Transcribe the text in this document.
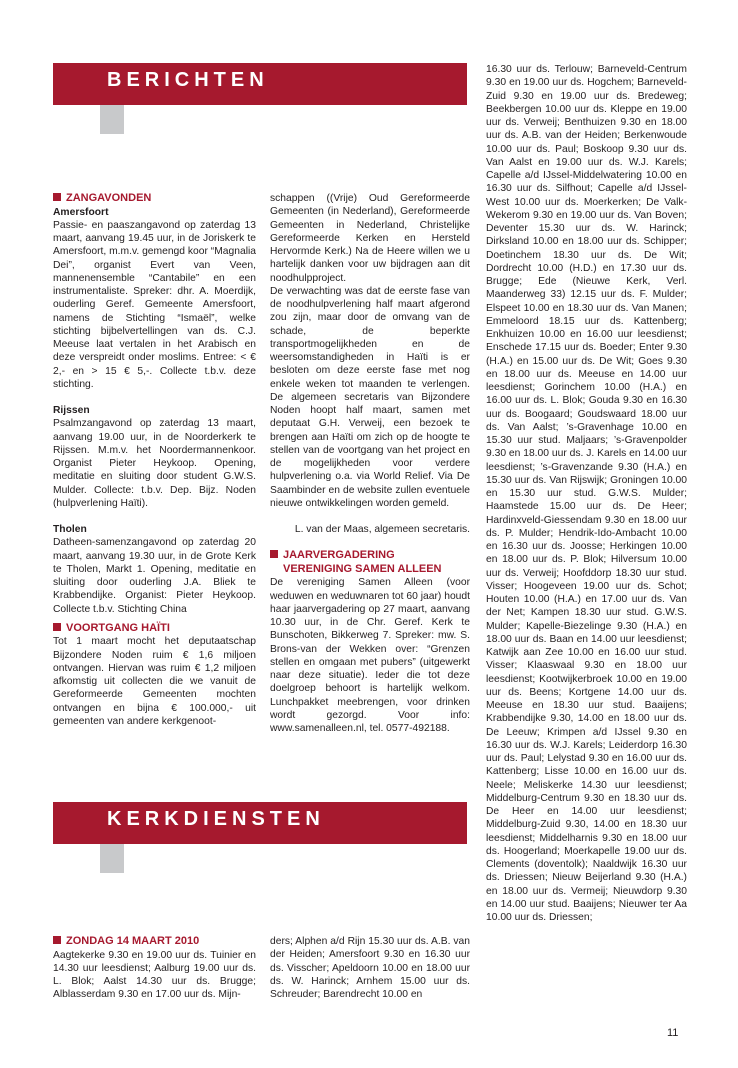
BERICHTEN

ZANGAVONDEN

Amersfoort

Passie- en paaszangavond op zaterdag 13 maart, aanvang 19.45 uur, in de Joriskerk te Amersfoort, m.m.v. gemengd koor “Magnalia Dei”, organist Evert van Veen, mannenensemble “Cantabile” en een instrumentaliste. Spreker: dhr. A. Moerdijk, ouderling Geref. Gemeente Amersfoort, namens de Stichting “Ismaël”, welke stichting bijbelvertellingen van ds. C.J. Meeuse laat vertalen in het Arabisch en deze verspreidt onder moslims. Entree: < € 2,- en > 15 € 5,-. Collecte t.b.v. deze stichting.

Rijssen

Psalmzangavond op zaterdag 13 maart, aanvang 19.00 uur, in de Noorderkerk te Rijssen. M.m.v. het Noordermannenkoor. Organist Pieter Heykoop. Opening, meditatie en sluiting door student G.W.S. Mulder. Collecte: t.b.v. Dep. Bijz. Noden (hulpverlening Haïti).

Tholen

Datheen-samenzangavond op zaterdag 20 maart, aanvang 19.30 uur, in de Grote Kerk te Tholen, Markt 1. Opening, meditatie en sluiting door ouderling J.A. Bliek te Krabbendijke. Organist: Pieter Heykoop. Collecte t.b.v. Stichting China

VOORTGANG HAÏTI

Tot 1 maart mocht het deputaatschap Bijzondere Noden ruim € 1,6 miljoen ontvangen. Hiervan was ruim € 1,2 miljoen afkomstig uit collecten die we vanuit de Gereformeerde Gemeenten mochten ontvangen en bijna € 100.000,- uit gemeenten van andere kerkgenoot-

schappen ((Vrije) Oud Gereformeerde Gemeenten (in Nederland), Gereformeerde Gemeenten in Nederland, Christelijke Gereformeerde Kerken en Hersteld Hervormde Kerk.) Na de Heere willen we u hartelijk danken voor uw bijdragen aan dit noodhulpproject.

De verwachting was dat de eerste fase van de noodhulpverlening half maart afgerond zou zijn, maar door de omvang van de schade, de beperkte transportmogelijkheden en de weersomstandigheden in Haïti is er besloten om deze eerste fase met nog enkele weken tot maanden te verlengen. De algemeen secretaris van Bijzondere Noden hoopt half maart, samen met deputaat G.H. Verweij, een bezoek te brengen aan Haïti om zich op de hoogte te stellen van de voortgang van het project en de mogelijkheden voor verdere hulpverlening o.a. via World Relief. Via De Saambinder en de website zullen eventuele nieuwe ontwikkelingen worden gemeld.

L. van der Maas, algemeen secretaris.

JAARVERGADERING
VERENIGING SAMEN ALLEEN

De vereniging Samen Alleen (voor weduwen en weduwnaren tot 60 jaar) houdt haar jaarvergadering op 27 maart, aanvang 10.30 uur, in de Chr. Geref. Kerk te Bunschoten, Bikkerweg 7. Spreker: mw. S. Brons-van der Wekken over: “Grenzen stellen en omgaan met pubers” (uitgewerkt naar deze situatie). Ieder die tot deze doelgroep behoort is hartelijk welkom. Lunchpakket meebrengen, voor drinken wordt gezorgd. Voor info: www.samenalleen.nl, tel. 0577-492188.

KERKDIENSTEN

ZONDAG 14 MAART 2010

Aagtekerke 9.30 en 19.00 uur ds. Tuinier en 14.30 uur leesdienst; Aalburg 19.00 uur ds. L. Blok; Aalst 14.30 uur ds. Brugge; Alblasserdam 9.30 en 17.00 uur ds. Mijn-

ders; Alphen a/d Rijn 15.30 uur ds. A.B. van der Heiden; Amersfoort 9.30 en 16.30 uur ds. Visscher; Apeldoorn 10.00 en 18.00 uur ds. W. Harinck; Arnhem 15.00 uur ds. Schreuder; Barendrecht 10.00 en

16.30 uur ds. Terlouw; Barneveld-Centrum 9.30 en 19.00 uur ds. Hogchem; Barneveld-Zuid 9.30 en 19.00 uur ds. Bredeweg; Beekbergen 10.00 uur ds. Kleppe en 19.00 uur ds. Verweij; Benthuizen 9.30 en 18.00 uur ds. A.B. van der Heiden; Berkenwoude 10.00 uur ds. Paul; Boskoop 9.30 uur ds. Van Aalst en 19.00 uur ds. W.J. Karels; Capelle a/d IJssel-Middelwatering 10.00 en 16.30 uur ds. Silfhout; Capelle a/d IJssel-West 10.00 uur ds. Moerkerken; De Valk-Wekerom 9.30 en 19.00 uur ds. Van Boven; Deventer 15.30 uur ds. W. Harinck; Dirksland 10.00 en 18.00 uur ds. Schipper; Doetinchem 18.30 uur ds. De Wit; Dordrecht 10.00 (H.D.) en 17.30 uur ds. Brugge; Ede (Nieuwe Kerk, Verl. Maanderweg 33) 12.15 uur ds. F. Mulder; Elspeet 10.00 en 18.30 uur ds. Van Manen; Emmeloord 18.15 uur ds. Kattenberg; Enkhuizen 10.00 en 16.00 uur leesdienst; Enschede 17.15 uur ds. Boeder; Enter 9.30 (H.A.) en 15.00 uur ds. De Wit; Goes 9.30 en 18.00 uur ds. Meeuse en 14.00 uur leesdienst; Gorinchem 10.00 (H.A.) en 16.00 uur ds. L. Blok; Gouda 9.30 en 16.30 uur ds. Boogaard; Goudswaard 18.00 uur ds. Van Aalst; ’s-Gravenhage 10.00 en 15.30 uur stud. Maljaars; ’s-Gravenpolder 9.30 en 18.00 uur ds. J. Karels en 14.00 uur leesdienst; ’s-Gravenzande 9.30 (H.A.) en 15.30 uur ds. Van Rijswijk; Groningen 10.00 en 15.30 uur stud. G.W.S. Mulder; Haamstede 15.00 uur ds. De Heer; Hardinxveld-Giessendam 9.30 en 18.00 uur ds. P. Mulder; Hendrik-Ido-Ambacht 10.00 en 16.30 uur ds. Joosse; Herkingen 10.00 en 18.00 uur ds. P. Blok; Hilversum 10.00 uur ds. Verweij; Hoofddorp 18.30 uur stud. Visser; Hoogeveen 19.00 uur ds. Schot; Houten 10.00 (H.A.) en 17.00 uur ds. Van der Net; Kampen 18.30 uur stud. G.W.S. Mulder; Kapelle-Biezelinge 9.30 (H.A.) en 18.00 uur ds. Baan en 14.00 uur leesdienst; Katwijk aan Zee 10.00 en 16.00 uur stud. Visser; Klaaswaal 9.30 en 18.00 uur leesdienst; Kootwijkerbroek 10.00 en 19.00 uur ds. Beens; Kortgene 14.00 uur ds. Meeuse en 18.30 uur stud. Baaijens; Krabbendijke 9.30, 14.00 en 18.00 uur ds. De Leeuw; Krimpen a/d IJssel 9.30 en 16.30 uur ds. W.J. Karels; Leiderdorp 16.30 uur ds. Paul; Lelystad 9.30 en 16.00 uur ds. Kattenberg; Lisse 10.00 en 16.00 uur ds. Neele; Meliskerke 14.30 uur leesdienst; Middelburg-Centrum 9.30 en 18.30 uur ds. De Heer en 14.00 uur leesdienst; Middelburg-Zuid 9.30, 14.00 en 18.30 uur leesdienst; Middelharnis 9.30 en 18.00 uur ds. Hoogerland; Moerkapelle 19.00 uur ds. Clements (doventolk); Naaldwijk 16.30 uur ds. Driessen; Nieuw Beijerland 9.30 (H.A.) en 18.00 uur ds. Vermeij; Nieuwdorp 9.30 en 14.00 uur stud. Baaijens; Nieuwer ter Aa 10.00 uur ds. Driessen;

11
